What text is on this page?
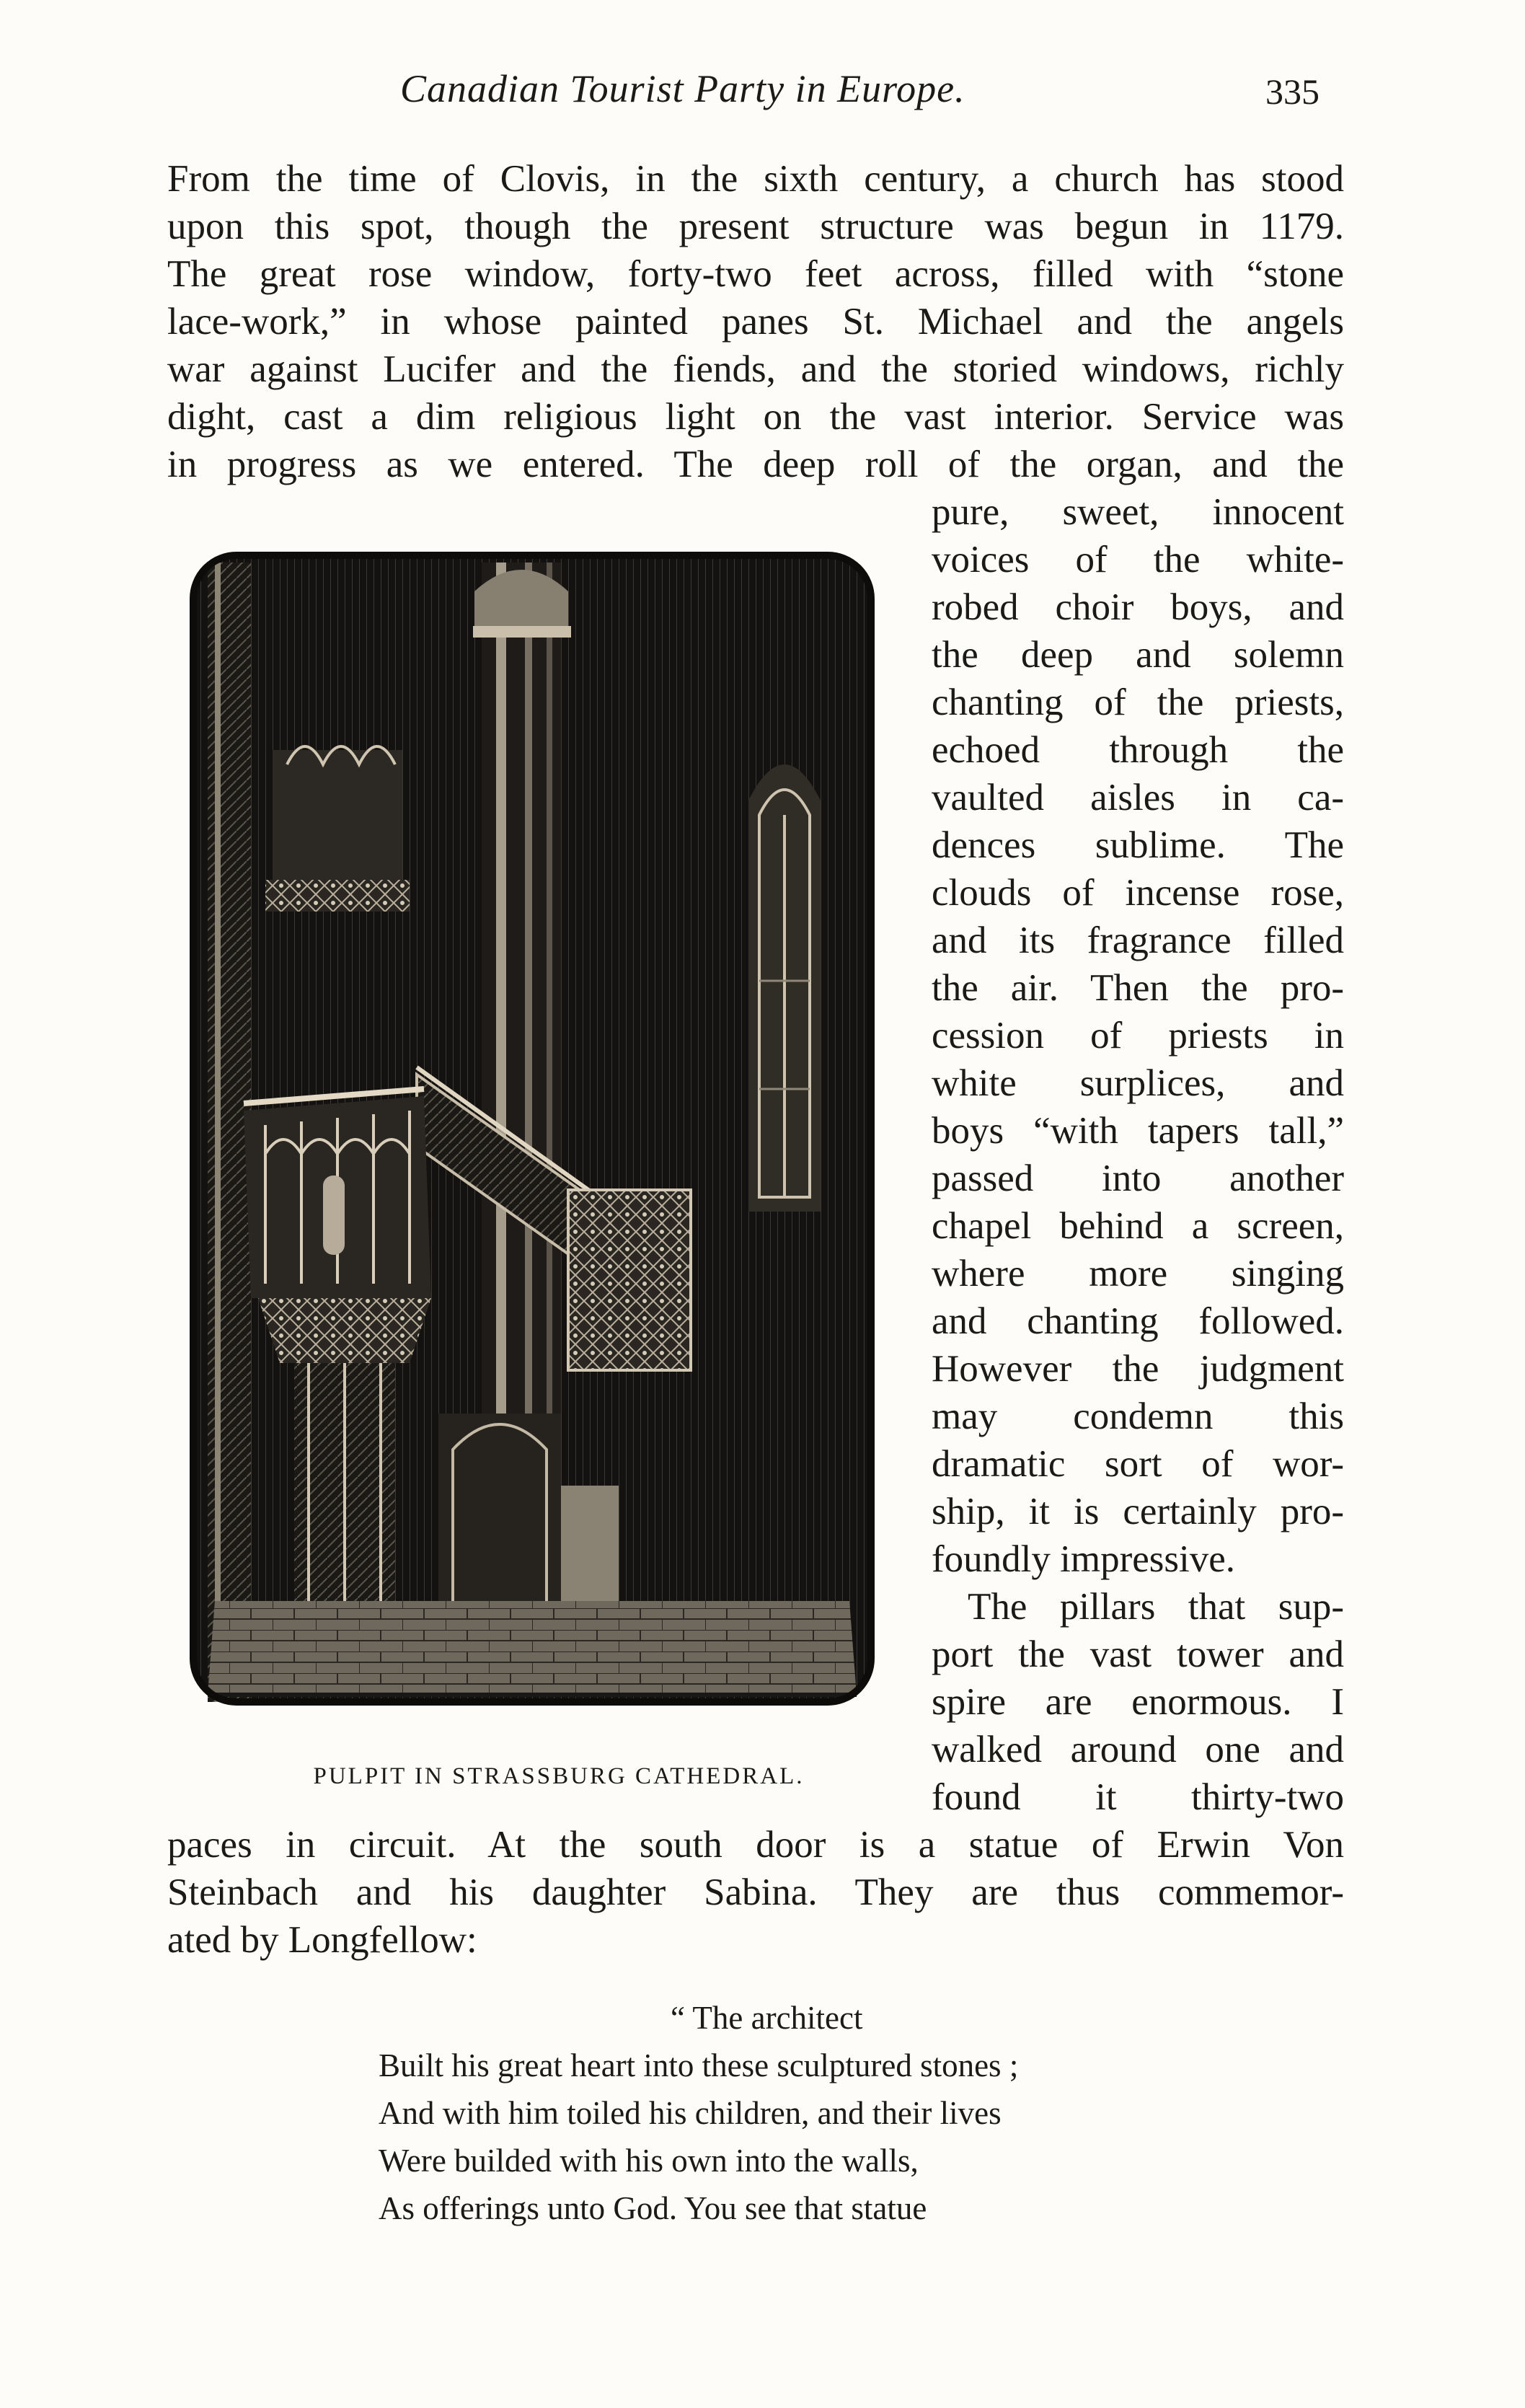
Canadian Tourist Party in Europe.	335
From the time of Clovis, in the sixth century, a church has stood
upon this spot, though the present structure was begun in 1179.
The great rose window, forty-two feet across, filled with “stone
lace-work,” in whose painted panes St. Michael and the angels
war against Lucifer and the fiends, and the storied windows, richly
dight, cast a dim religious light on the vast interior. Service was
in progress as we entered. The deep roll of the organ, and the
pure, sweet, innocent
voices of the white-
robed choir boys, and
the deep and solemn
chanting of the priests,
echoed through the
vaulted aisles in ca-
dences sublime. The
clouds of incense rose,
and its fragrance filled
the air. Then the pro-
cession of priests in
white surplices, and
boys “with tapers tall,”
passed into another
chapel behind a screen,
where more singing
and chanting followed.
However the judgment
may condemn this
dramatic sort of wor-
ship, it is certainly pro-
foundly impressive.
The pillars that sup-
port the vast tower and
spire are enormous. I
walked around one and
found it thirty-two
PULPIT IN STRASSBURG CATHEDRAL.
paces in circuit. At the south door is a statue of Erwin Von
Steinbach and his daughter Sabina. They are thus commemor-
ated by Longfellow:
“ The architect
Built his great heart into these sculptured stones ;
And with him toiled his children, and their lives
Were builded with his own into the walls,
As offerings unto God. You see that statue
